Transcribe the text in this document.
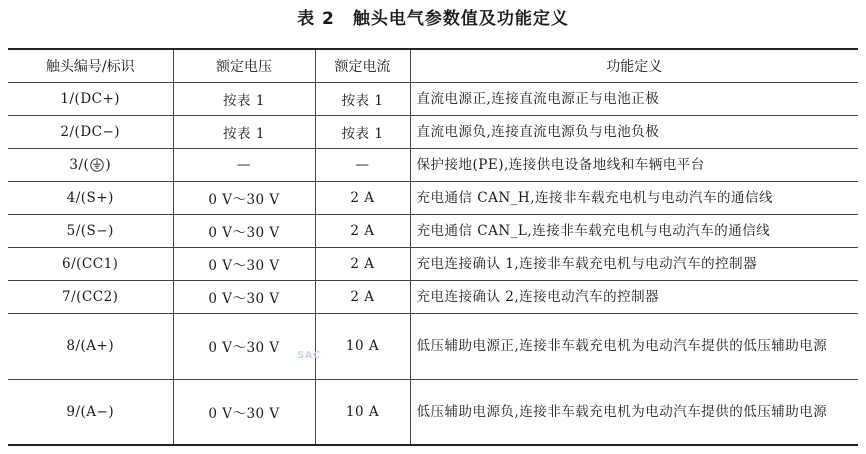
表 2 触头电气参数值及功能定义
触头编号/标识	额定电压	额定电流	功能定义
1/(DC+)	按表 1	按表 1	直流电源正,连接直流电源正与电池正极
2/(DC−)	按表 1	按表 1	直流电源负,连接直流电源负与电池负极

3/( )	—	—	保护接地(PE),连接供电设备地线和车辆电平台
4/(S+)	0 V～30 V	2 A	充电通信 CAN_H,连接非车载充电机与电动汽车的通信线
5/(S−)	0 V～30 V	2 A	充电通信 CAN_L,连接非车载充电机与电动汽车的通信线
6/(CC1)	0 V～30 V	2 A	充电连接确认 1,连接非车载充电机与电动汽车的控制器
7/(CC2)	0 V～30 V	2 A	充电连接确认 2,连接电动汽车的控制器
8/(A+)	0 V～30 V	10 A	低压辅助电源正,连接非车载充电机为电动汽车提供的低压辅助电源
9/(A−)	0 V～30 V	10 A	低压辅助电源负,连接非车载充电机为电动汽车提供的低压辅助电源
SAC
